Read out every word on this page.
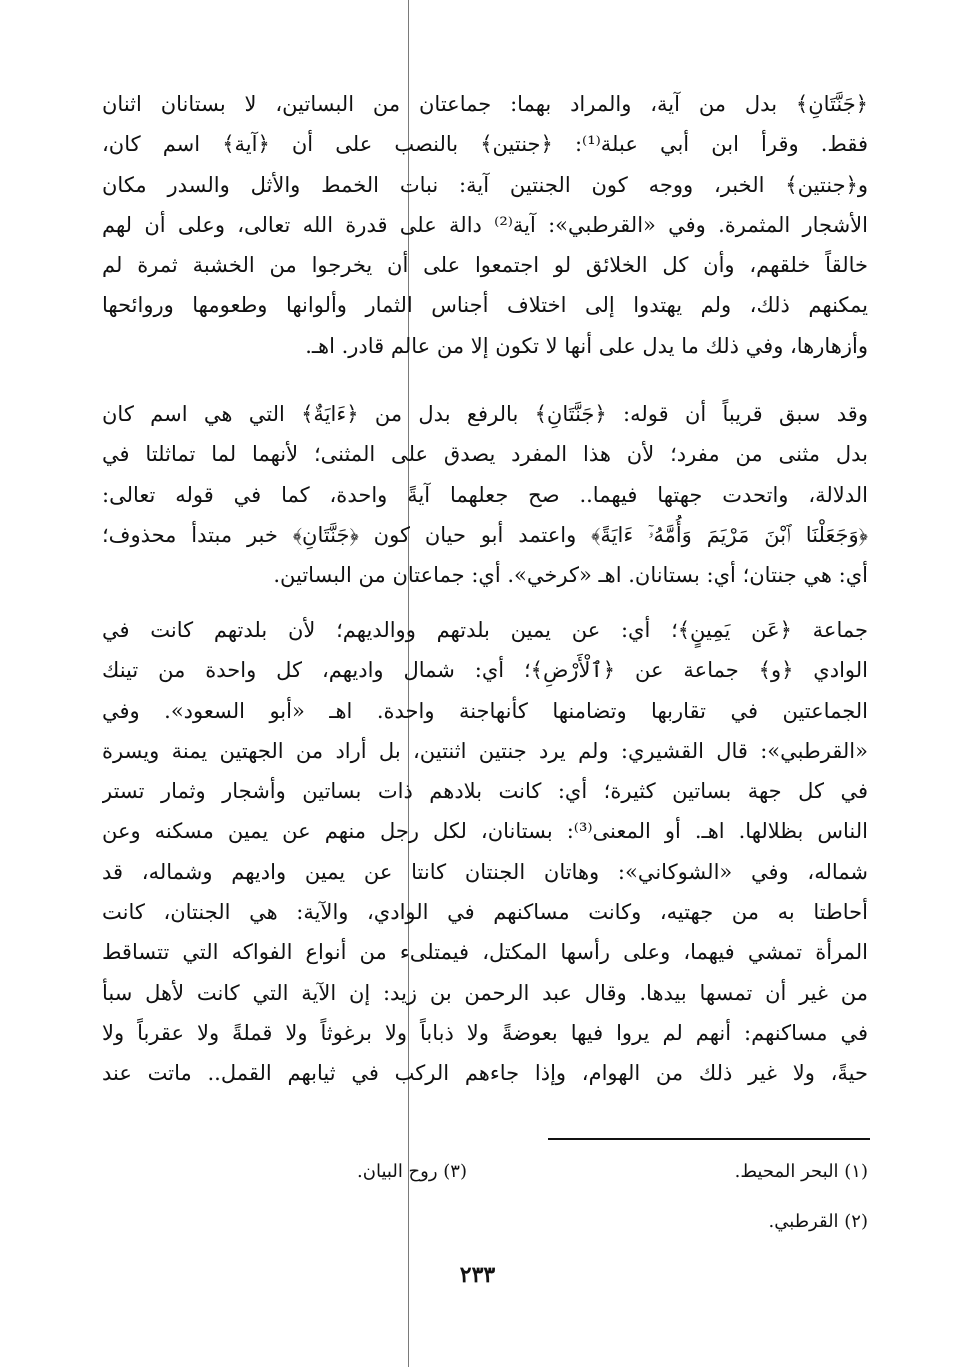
﴿جَنَّتَانِ﴾ بدل من آية، والمراد بهما: جماعتان من البساتين، لا بستانان اثنان
فقط. وقرأ ابن أبي عبلة⁽¹⁾: ﴿جنتين﴾ بالنصب على أن ﴿آية﴾ اسم كان،
و﴿جنتين﴾ الخبر، ووجه كون الجنتين آية: نبات الخمط والأثل والسدر مكان
الأشجار المثمرة. وفي «القرطبي»: آية⁽²⁾ دالة على قدرة الله تعالى، وعلى أن لهم
خالقاً خلقهم، وأن كل الخلائق لو اجتمعوا على أن يخرجوا من الخشبة ثمرة لم
يمكنهم ذلك، ولم يهتدوا إلى اختلاف أجناس الثمار وألوانها وطعومها وروائحها
وأزهارها، وفي ذلك ما يدل على أنها لا تكون إلا من عالم قادر. اهـ.

وقد سبق قريباً أن قوله: ﴿جَنَّتَانِ﴾ بالرفع بدل من ﴿ءَايَةٌ﴾ التي هي اسم كان
بدل مثنى من مفرد؛ لأن هذا المفرد يصدق على المثنى؛ لأنهما لما تماثلتا في
الدلالة، واتحدت جهتها فيهما.. صح جعلهما آيةً واحدة، كما في قوله تعالى:
﴿وَجَعَلْنَا ٱبْنَ مَرْيَمَ وَأُمَّهُۥٓ ءَايَةً﴾ واعتمد أبو حيان كون ﴿جَنَّتَانِ﴾ خبر مبتدأ محذوف؛
أي: هي جنتان؛ أي: بستانان. اهـ «كرخي». أي: جماعتان من البساتين.

جماعة ﴿عَن يَمِينٍ﴾؛ أي: عن يمين بلدتهم ووالديهم؛ لأن بلدتهم كانت في
الوادي ﴿و﴾ جماعة عن ﴿ٱلْأَرْضِ﴾؛ أي: شمال واديهم، كل واحدة من تينك
الجماعتين في تقاربها وتضامنها كأنهاجنة واحدة. اهـ «أبو السعود». وفي
«القرطبي»: قال القشيري: ولم يرد جنتين اثنتين، بل أراد من الجهتين يمنة ويسرة
في كل جهة بساتين كثيرة؛ أي: كانت بلادهم ذات بساتين وأشجار وثمار تستر
الناس بظلالها. اهـ. أو المعنى⁽³⁾: بستانان، لكل رجل منهم عن يمين مسكنه وعن
شماله، وفي «الشوكاني»: وهاتان الجنتان كانتا عن يمين واديهم وشماله، قد
أحاطتا به من جهتيه، وكانت مساكنهم في الوادي، والآية: هي الجنتان، كانت
المرأة تمشي فيهما، وعلى رأسها المكتل، فيمتلىء من أنواع الفواكه التي تتساقط
من غير أن تمسها بيدها. وقال عبد الرحمن بن زيد: إن الآية التي كانت لأهل سبأ
في مساكنهم: أنهم لم يروا فيها بعوضةً ولا ذباباً ولا برغوثاً ولا قملةً ولا عقرباً ولا
حيةً، ولا غير ذلك من الهوام، وإذا جاءهم الركب في ثيابهم القمل.. ماتت عند

(١) البحر المحيط.
(٣) روح البيان.
(٢) القرطبي.
٢٣٣
